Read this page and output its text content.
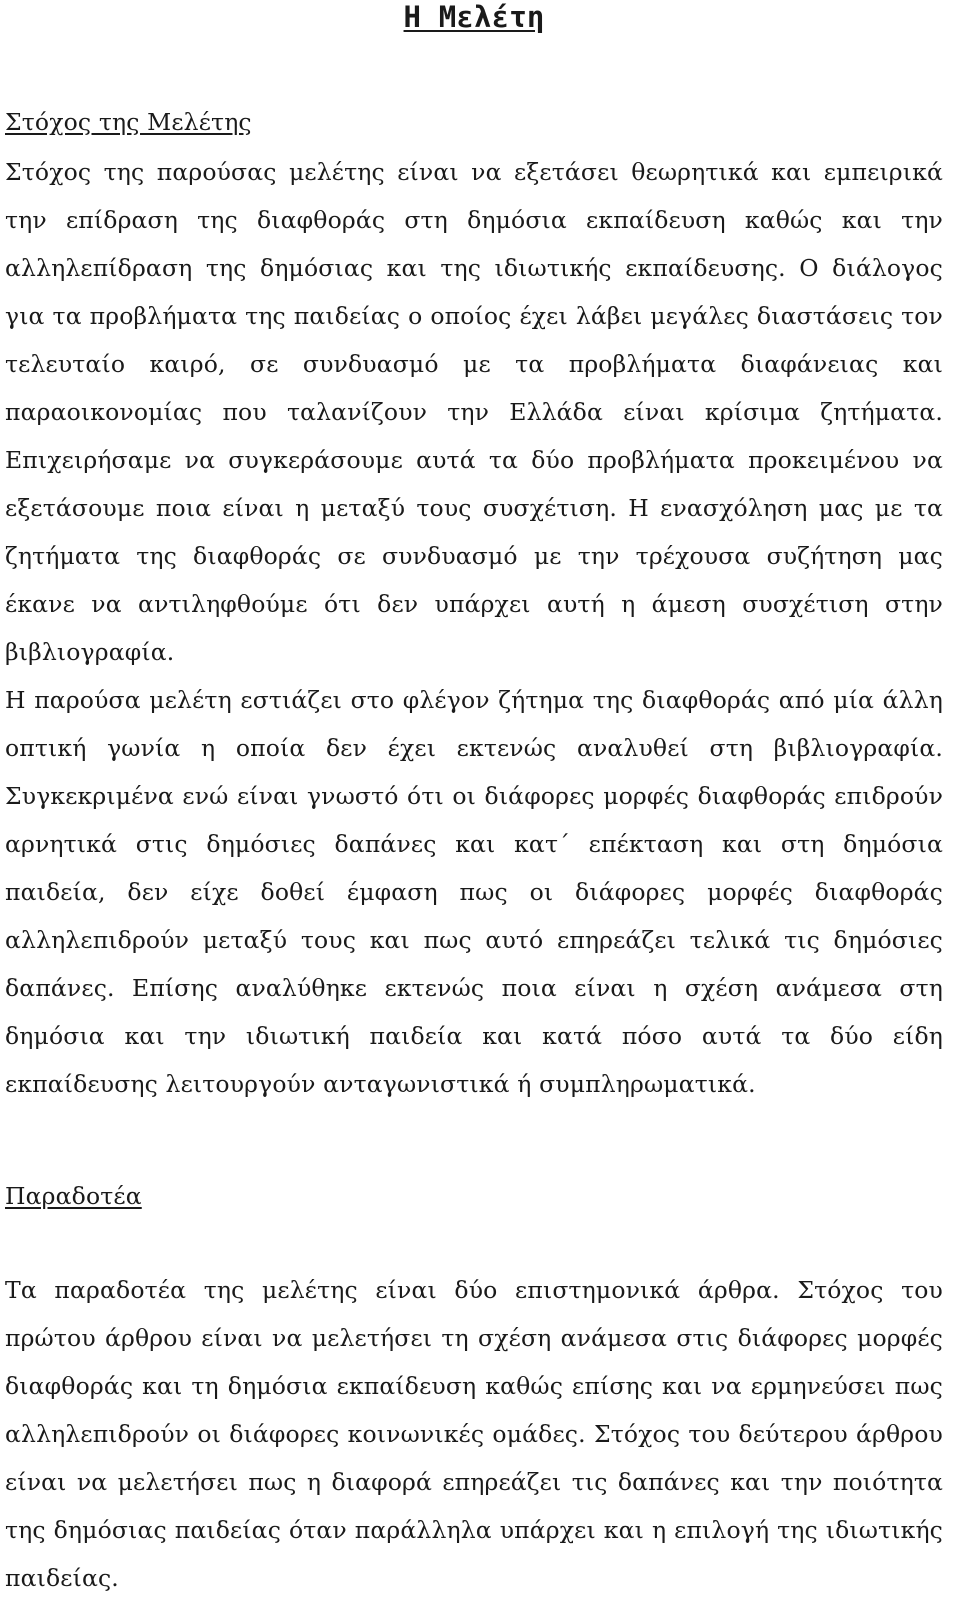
Η Μελέτη
Στόχος της Μελέτης

Στόχος της παρούσας μελέτης είναι να εξετάσει θεωρητικά και εμπειρικά την επίδραση της διαφθοράς στη δημόσια εκπαίδευση καθώς και την αλληλεπίδραση της δημόσιας και της ιδιωτικής εκπαίδευσης. Ο διάλογος για τα προβλήματα της παιδείας ο οποίος έχει λάβει μεγάλες διαστάσεις τον τελευταίο καιρό, σε συνδυασμό με τα προβλήματα διαφάνειας και παραοικονομίας που ταλανίζουν την Ελλάδα είναι κρίσιμα ζητήματα. Επιχειρήσαμε να συγκεράσουμε αυτά τα δύο προβλήματα προκειμένου να εξετάσουμε ποια είναι η μεταξύ τους συσχέτιση. Η ενασχόληση μας με τα ζητήματα της διαφθοράς σε συνδυασμό με την τρέχουσα συζήτηση μας έκανε να αντιληφθούμε ότι δεν υπάρχει αυτή η άμεση συσχέτιση στην βιβλιογραφία.

Η παρούσα μελέτη εστιάζει στο φλέγον ζήτημα της διαφθοράς από μία άλλη οπτική γωνία η οποία δεν έχει εκτενώς αναλυθεί στη βιβλιογραφία. Συγκεκριμένα ενώ είναι γνωστό ότι οι διάφορες μορφές διαφθοράς επιδρούν αρνητικά στις δημόσιες δαπάνες και κατ΄ επέκταση και στη δημόσια παιδεία, δεν είχε δοθεί έμφαση πως οι διάφορες μορφές διαφθοράς αλληλεπιδρούν μεταξύ τους και πως αυτό επηρεάζει τελικά τις δημόσιες δαπάνες. Επίσης αναλύθηκε εκτενώς ποια είναι η σχέση ανάμεσα στη δημόσια και την ιδιωτική παιδεία και κατά πόσο αυτά τα δύο είδη εκπαίδευσης λειτουργούν ανταγωνιστικά ή συμπληρωματικά.

Παραδοτέα

Τα παραδοτέα της μελέτης είναι δύο επιστημονικά άρθρα. Στόχος του πρώτου άρθρου είναι να μελετήσει τη σχέση ανάμεσα στις διάφορες μορφές διαφθοράς και τη δημόσια εκπαίδευση καθώς επίσης και να ερμηνεύσει πως αλληλεπιδρούν οι διάφορες κοινωνικές ομάδες. Στόχος του δεύτερου άρθρου είναι να μελετήσει πως η διαφορά επηρεάζει τις δαπάνες και την ποιότητα της δημόσιας παιδείας όταν παράλληλα υπάρχει και η επιλογή της ιδιωτικής παιδείας.
